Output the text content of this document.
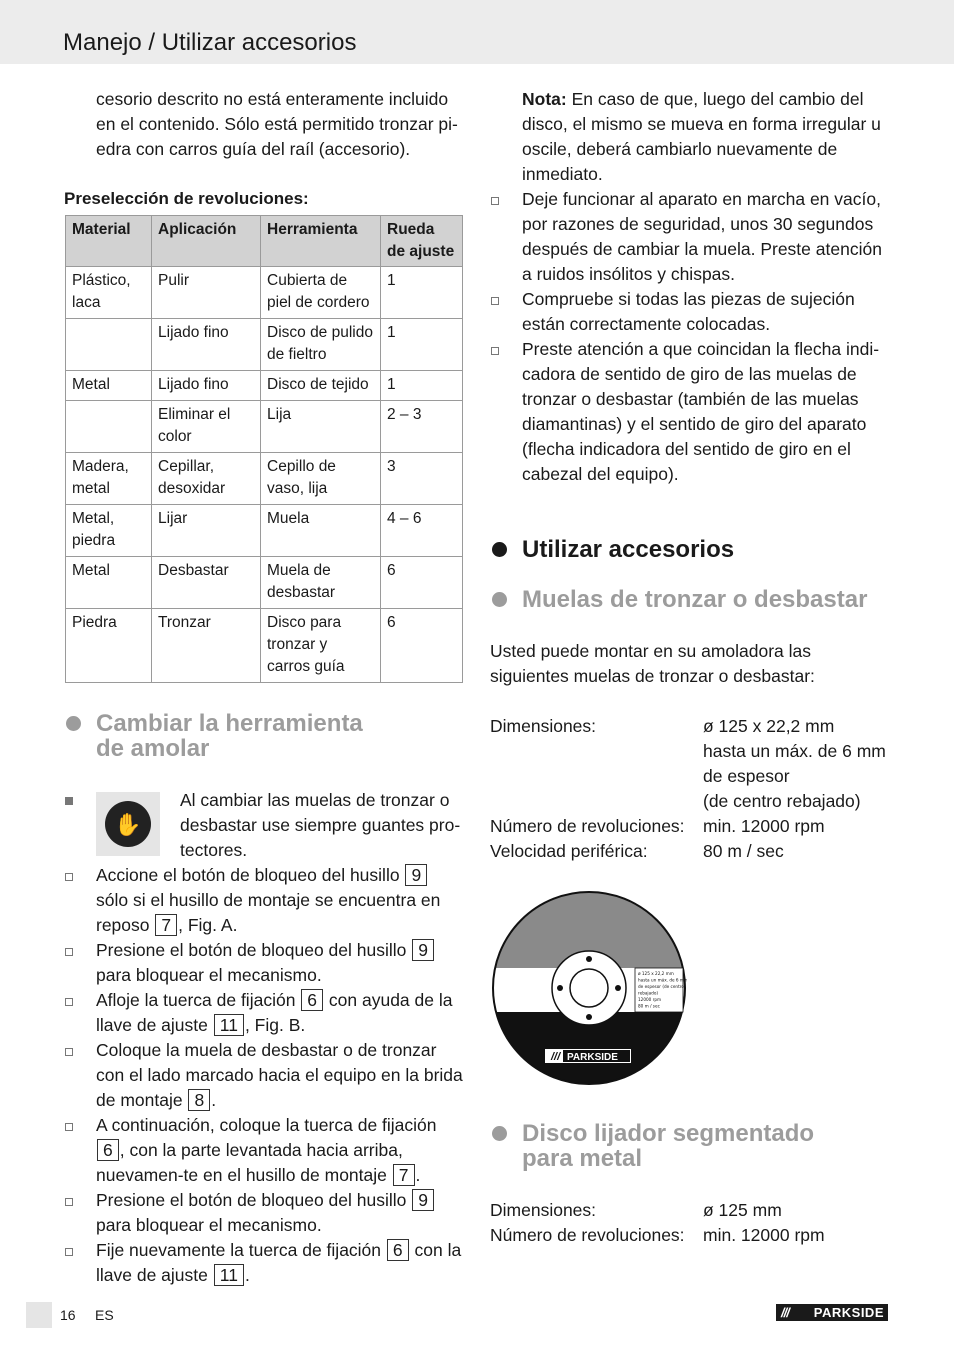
Manejo / Utilizar accesorios

cesorio descrito no está enteramente incluido en el contenido. Sólo está permitido tronzar pi-edra con carros guía del raíl (accesorio).

Preselección de revoluciones:

Material	Aplicación	Herramienta	Rueda de ajuste
Plástico, laca	Pulir	Cubierta de piel de cordero	1
	Lijado fino	Disco de pulido de fieltro	1
Metal	Lijado fino	Disco de tejido	1
	Eliminar el color	Lija	2 – 3
Madera, metal	Cepillar, desoxidar	Cepillo de vaso, lija	3
Metal, piedra	Lijar	Muela	4 – 6
Metal	Desbastar	Muela de desbastar	6
Piedra	Tronzar	Disco para tronzar y carros guía	6
Cambiar la herramienta
de amolar
✋

Al cambiar las muelas de tronzar o desbastar use siempre guantes pro-tectores.

Accione el botón de bloqueo del husillo 9 sólo si el husillo de montaje se encuentra en reposo 7 , Fig. A.
Presione el botón de bloqueo del husillo 9 para bloquear el mecanismo.
Afloje la tuerca de fijación 6 con ayuda de la llave de ajuste 11 , Fig. B.
Coloque la muela de desbastar o de tronzar con el lado marcado hacia el equipo en la brida de montaje 8 .
A continuación, coloque la tuerca de fijación 6 , con la parte levantada hacia arriba, nuevamen-te en el husillo de montaje 7 .
Presione el botón de bloqueo del husillo 9 para bloquear el mecanismo.
Fije nuevamente la tuerca de fijación 6 con la llave de ajuste 11 .

Nota: En caso de que, luego del cambio del disco, el mismo se mueva en forma irregular u oscile, deberá cambiarlo nuevamente de inmediato.

Deje funcionar al aparato en marcha en vacío, por razones de seguridad, unos 30 segundos después de cambiar la muela. Preste atención a ruidos insólitos y chispas.
Compruebe si todas las piezas de sujeción están correctamente colocadas.
Preste atención a que coincidan la flecha indi-cadora de sentido de giro de las muelas de tronzar o desbastar (también de las muelas diamantinas) y el sentido de giro del aparato (flecha indicadora del sentido de giro en el cabezal del equipo).
Utilizar accesorios
Muelas de tronzar o desbastar

Usted puede montar en su amoladora las siguientes muelas de tronzar o desbastar:

Dimensiones:	ø 125 x 22,2 mm
hasta un máx. de 6 mm
de espesor
(de centro rebajado)
Número de revoluciones:	min. 12000 rpm
Velocidad periférica:	80 m / sec
ø 125 x 22,2 mm
hasta un máx. de 6 mm
de espesor (de centro
rebajado)
12000 rpm
80 m / sec
/// PARKSIDE
Disco lijador segmentado
para metal
Dimensiones:	ø 125 mm
Número de revoluciones:	min. 12000 rpm
16 ES	/// PARKSIDE
